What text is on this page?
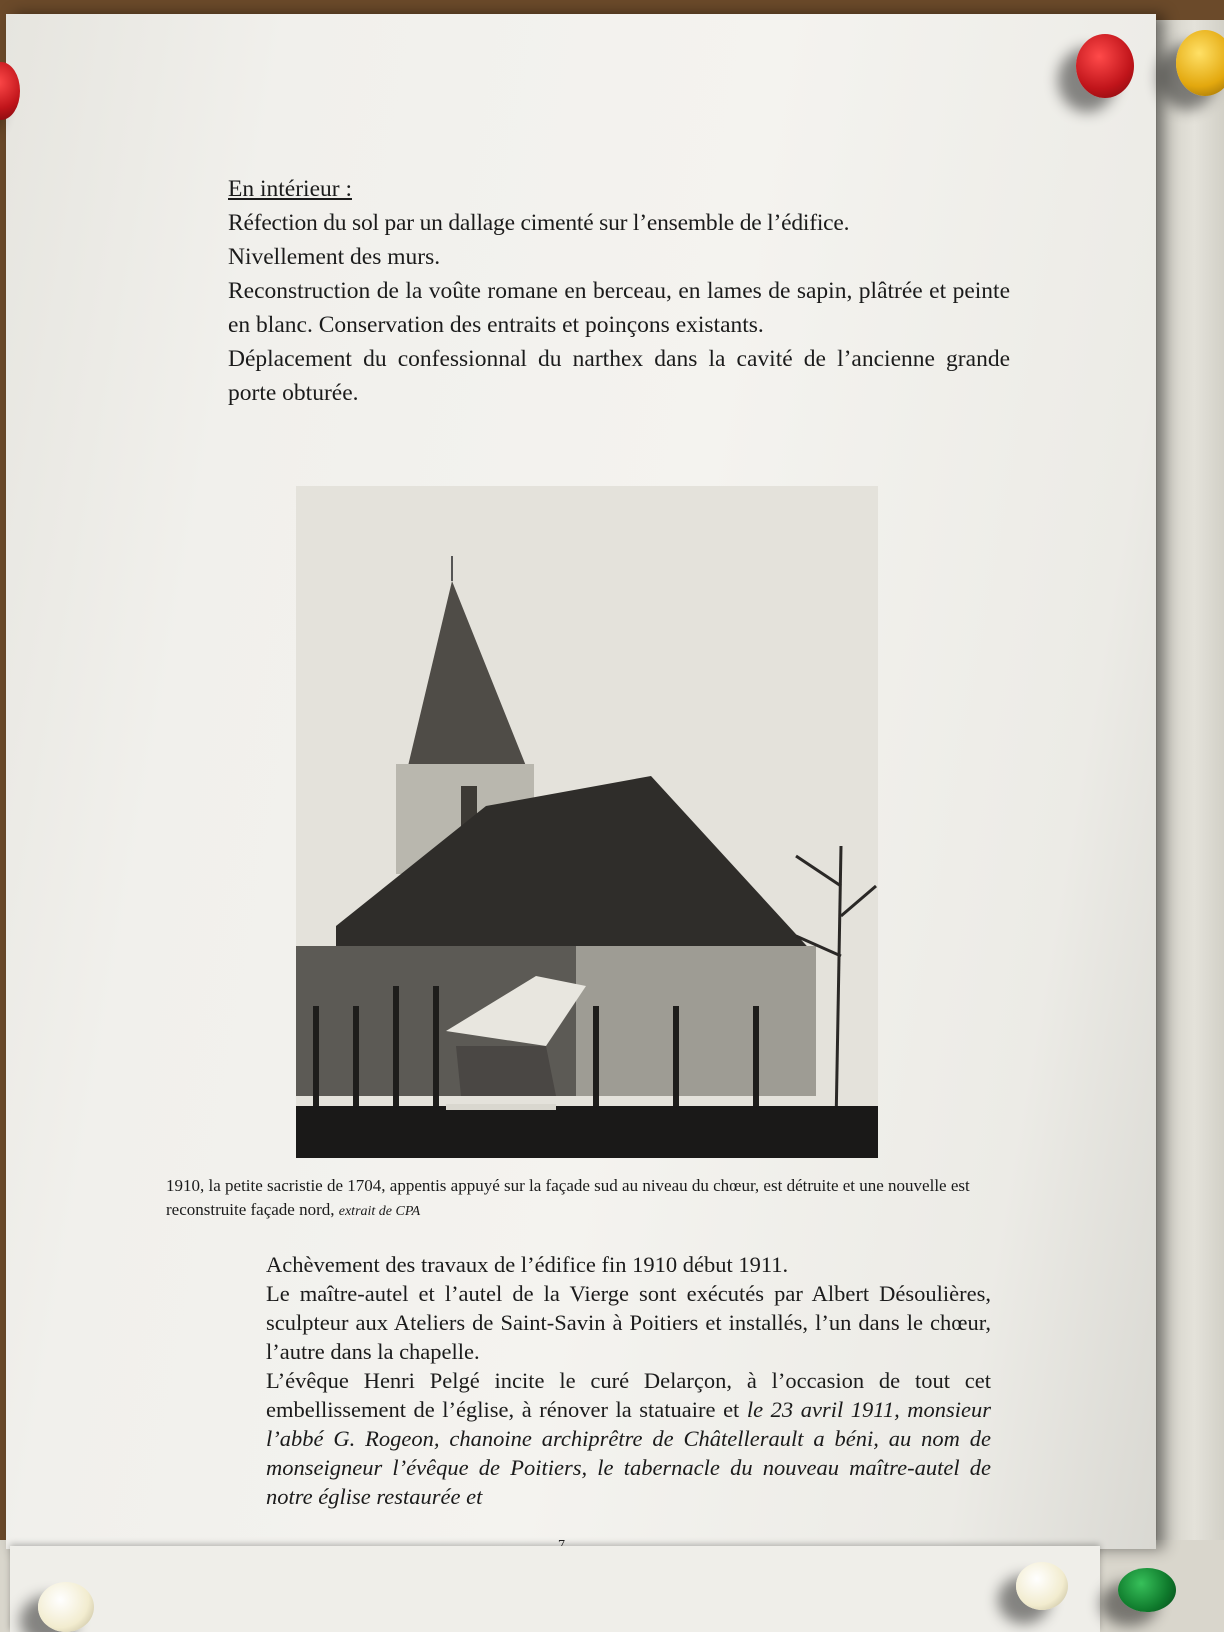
En intérieur :

Réfection du sol par un dallage cimenté sur l’ensemble de l’édifice.

Nivellement des murs.

Reconstruction de la voûte romane en berceau, en lames de sapin, plâtrée et peinte en blanc. Conservation des entraits et poinçons existants.

Déplacement du confessionnal du narthex dans la cavité de l’ancienne grande porte obturée.

1910, la petite sacristie de 1704, appentis appuyé sur la façade sud au niveau du chœur, est détruite et une nouvelle est reconstruite façade nord, extrait de CPA

Achèvement des travaux de l’édifice fin 1910 début 1911.

Le maître-autel et l’autel de la Vierge sont exécutés par Albert Désoulières, sculpteur aux Ateliers de Saint-Savin à Poitiers et installés, l’un dans le chœur, l’autre dans la chapelle.

L’évêque Henri Pelgé incite le curé Delarçon, à l’occasion de tout cet embellissement de l’église, à rénover la statuaire et le 23 avril 1911, monsieur l’abbé G. Rogeon, chanoine archiprêtre de Châtellerault a béni, au nom de monseigneur l’évêque de Poitiers, le tabernacle du nouveau maître-autel de notre église restaurée et
